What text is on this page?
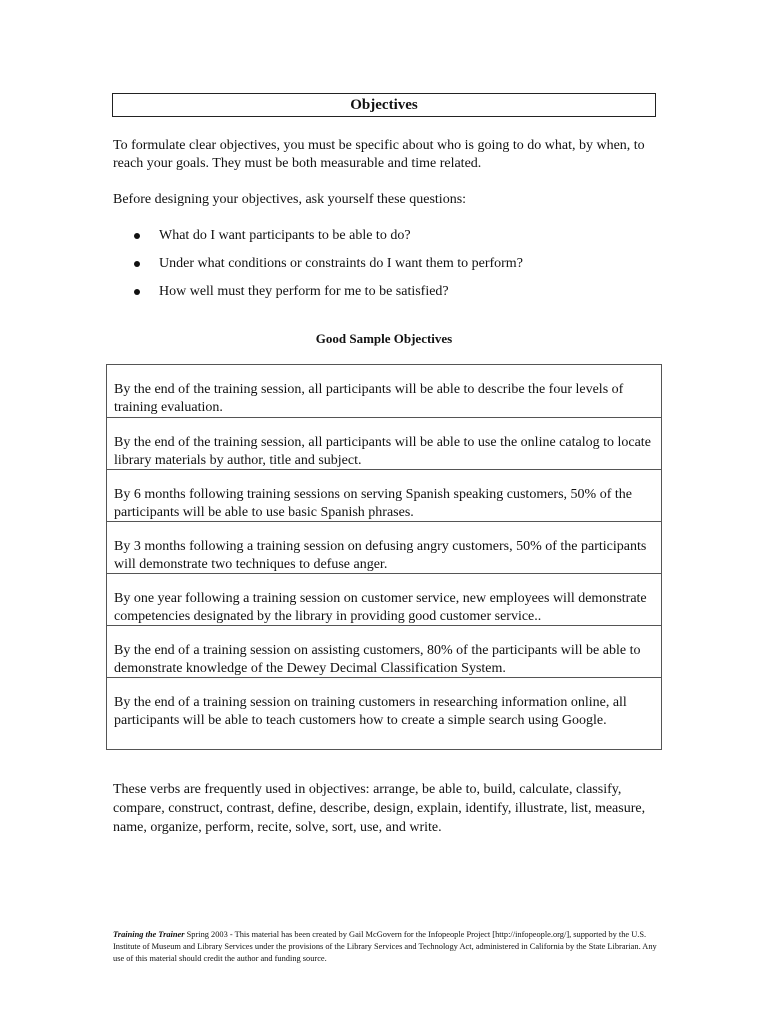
Objectives

To formulate clear objectives, you must be specific about who is going to do what, by when, to reach your goals. They must be both measurable and time related.

Before designing your objectives, ask yourself these questions:

What do I want participants to be able to do?
Under what conditions or constraints do I want them to perform?
How well must they perform for me to be satisfied?
Good Sample Objectives
By the end of the training session, all participants will be able to describe the four levels of training evaluation.
By the end of the training session, all participants will be able to use the online catalog to locate library materials by author, title and subject.
By 6 months following training sessions on serving Spanish speaking customers, 50% of the participants will be able to use basic Spanish phrases.
By 3 months following a training session on defusing angry customers, 50% of the participants will demonstrate two techniques to defuse anger.
By one year following a training session on customer service, new employees will demonstrate competencies designated by the library in providing good customer service..
By the end of a training session on assisting customers, 80% of the participants will be able to demonstrate knowledge of the Dewey Decimal Classification System.
By the end of a training session on training customers in researching information online, all participants will be able to teach customers how to create a simple search using Google.

These verbs are frequently used in objectives: arrange, be able to, build, calculate, classify, compare, construct, contrast, define, describe, design, explain, identify, illustrate, list, measure, name, organize, perform, recite, solve, sort, use, and write.

Training the Trainer Spring 2003 - This material has been created by Gail McGovern for the Infopeople Project [http://infopeople.org/], supported by the U.S. Institute of Museum and Library Services under the provisions of the Library Services and Technology Act, administered in California by the State Librarian. Any use of this material should credit the author and funding source.
